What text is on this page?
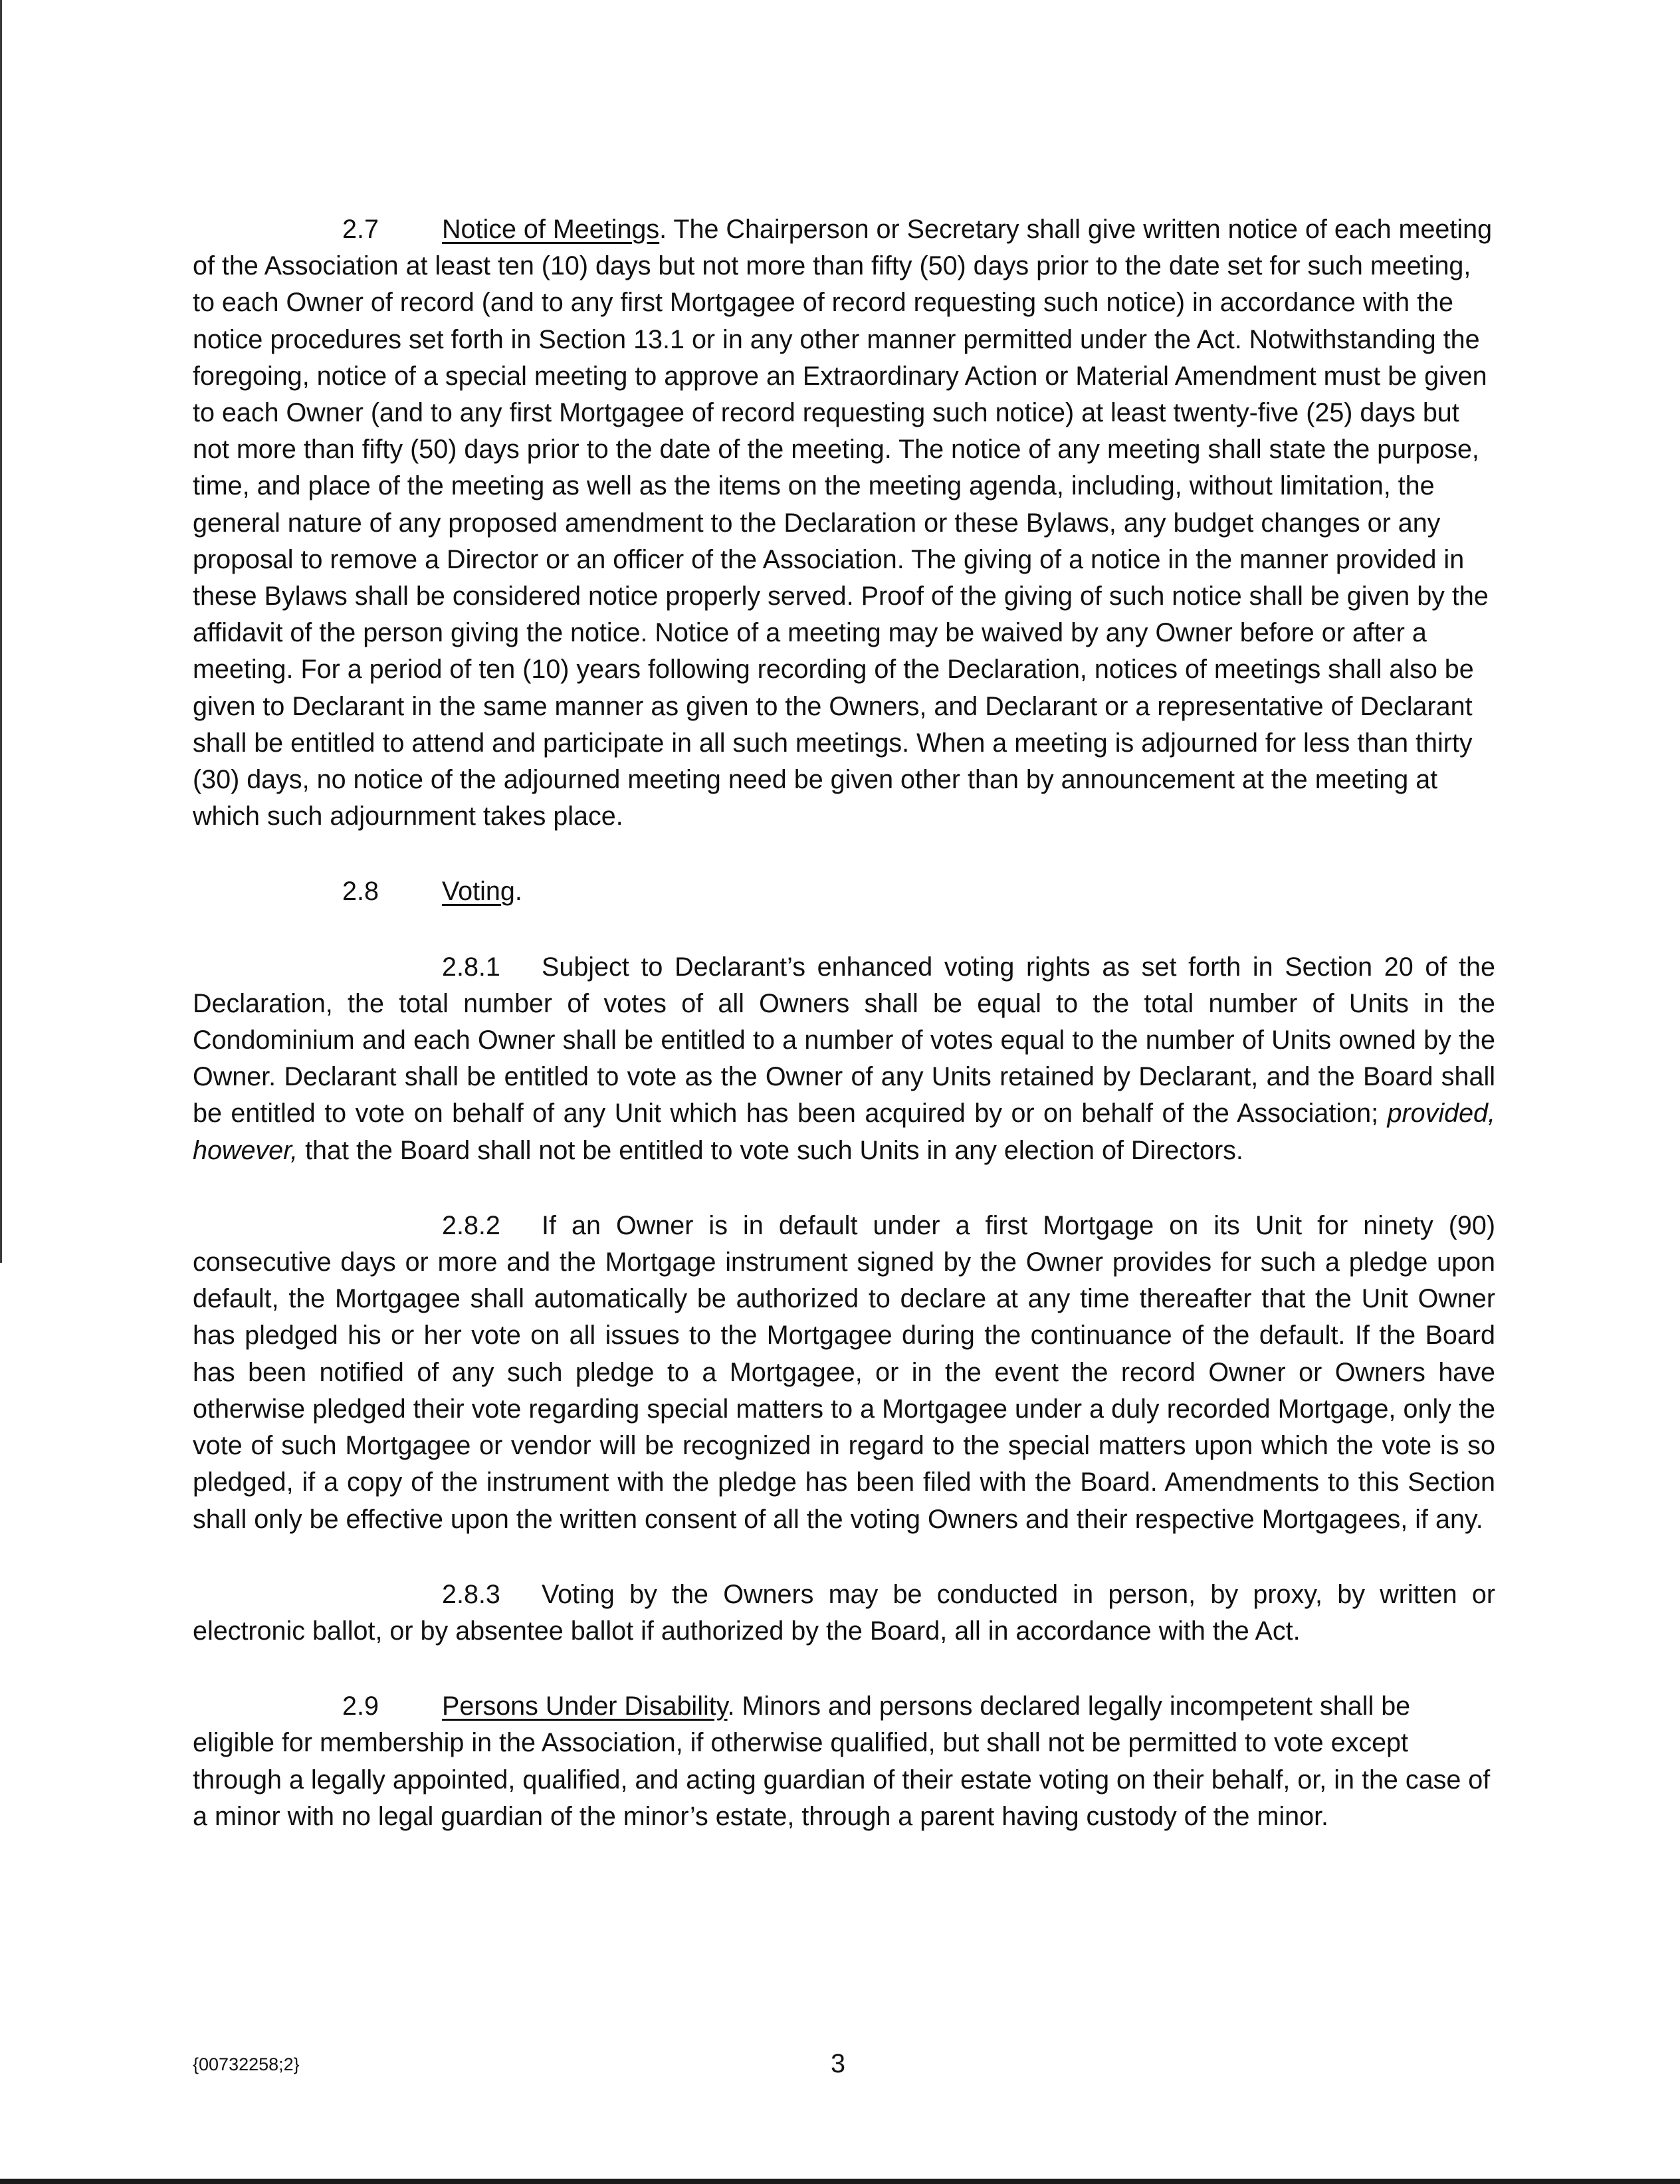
2.7 Notice of Meetings. The Chairperson or Secretary shall give written notice of each meeting of the Association at least ten (10) days but not more than fifty (50) days prior to the date set for such meeting, to each Owner of record (and to any first Mortgagee of record requesting such notice) in accordance with the notice procedures set forth in Section 13.1 or in any other manner permitted under the Act. Notwithstanding the foregoing, notice of a special meeting to approve an Extraordinary Action or Material Amendment must be given to each Owner (and to any first Mortgagee of record requesting such notice) at least twenty-five (25) days but not more than fifty (50) days prior to the date of the meeting. The notice of any meeting shall state the purpose, time, and place of the meeting as well as the items on the meeting agenda, including, without limitation, the general nature of any proposed amendment to the Declaration or these Bylaws, any budget changes or any proposal to remove a Director or an officer of the Association. The giving of a notice in the manner provided in these Bylaws shall be considered notice properly served. Proof of the giving of such notice shall be given by the affidavit of the person giving the notice. Notice of a meeting may be waived by any Owner before or after a meeting. For a period of ten (10) years following recording of the Declaration, notices of meetings shall also be given to Declarant in the same manner as given to the Owners, and Declarant or a representative of Declarant shall be entitled to attend and participate in all such meetings. When a meeting is adjourned for less than thirty (30) days, no notice of the adjourned meeting need be given other than by announcement at the meeting at which such adjournment takes place.

2.8 Voting.

2.8.1 Subject to Declarant’s enhanced voting rights as set forth in Section 20 of the Declaration, the total number of votes of all Owners shall be equal to the total number of Units in the Condominium and each Owner shall be entitled to a number of votes equal to the number of Units owned by the Owner. Declarant shall be entitled to vote as the Owner of any Units retained by Declarant, and the Board shall be entitled to vote on behalf of any Unit which has been acquired by or on behalf of the Association; provided, however, that the Board shall not be entitled to vote such Units in any election of Directors.

2.8.2 If an Owner is in default under a first Mortgage on its Unit for ninety (90) consecutive days or more and the Mortgage instrument signed by the Owner provides for such a pledge upon default, the Mortgagee shall automatically be authorized to declare at any time thereafter that the Unit Owner has pledged his or her vote on all issues to the Mortgagee during the continuance of the default. If the Board has been notified of any such pledge to a Mortgagee, or in the event the record Owner or Owners have otherwise pledged their vote regarding special matters to a Mortgagee under a duly recorded Mortgage, only the vote of such Mortgagee or vendor will be recognized in regard to the special matters upon which the vote is so pledged, if a copy of the instrument with the pledge has been filed with the Board. Amendments to this Section shall only be effective upon the written consent of all the voting Owners and their respective Mortgagees, if any.

2.8.3 Voting by the Owners may be conducted in person, by proxy, by written or electronic ballot, or by absentee ballot if authorized by the Board, all in accordance with the Act.

2.9 Persons Under Disability. Minors and persons declared legally incompetent shall be eligible for membership in the Association, if otherwise qualified, but shall not be permitted to vote except through a legally appointed, qualified, and acting guardian of their estate voting on their behalf, or, in the case of a minor with no legal guardian of the minor’s estate, through a parent having custody of the minor.

{00732258;2}	3
